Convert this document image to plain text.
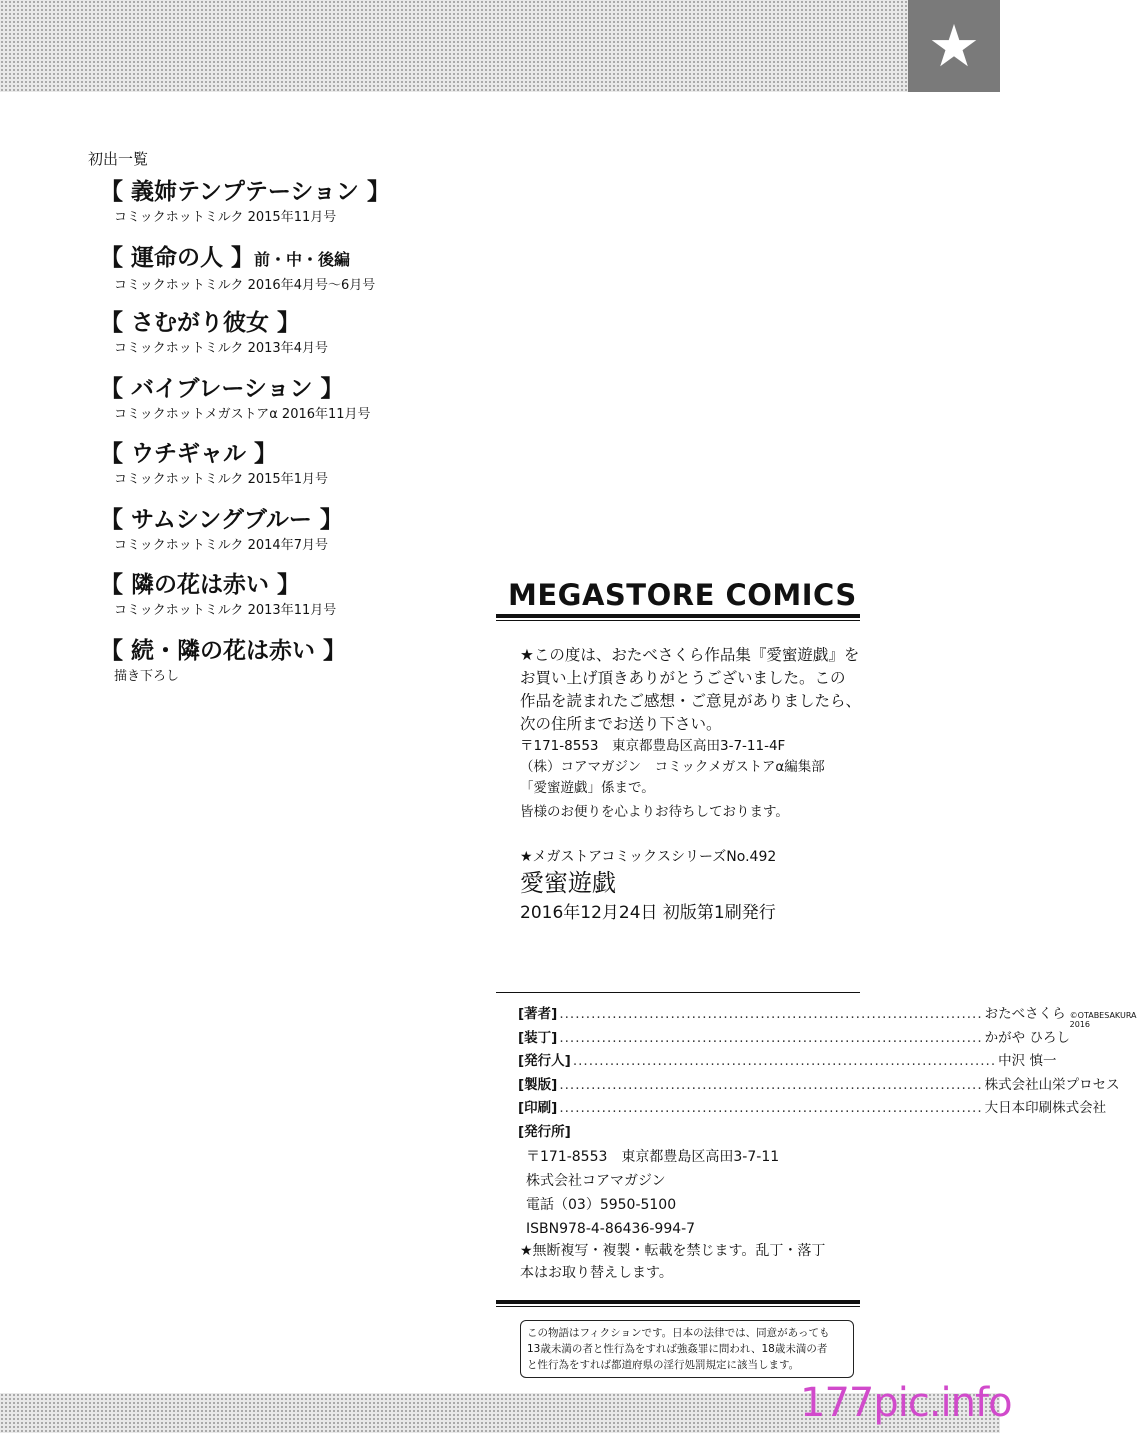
★
初出一覧
【 義姉テンプテーション 】
コミックホットミルク 2015年11月号
【 運命の人 】前・中・後編
コミックホットミルク 2016年4月号～6月号
【 さむがり彼女 】
コミックホットミルク 2013年4月号
【 バイブレーション 】
コミックホットメガストアα 2016年11月号
【 ウチギャル 】
コミックホットミルク 2015年1月号
【 サムシングブルー 】
コミックホットミルク 2014年7月号
【 隣の花は赤い 】
コミックホットミルク 2013年11月号
【 続・隣の花は赤い 】
描き下ろし
MEGASTORE COMICS

★この度は、おたべさくら作品集『愛蜜遊戯』を

お買い上げ頂きありがとうございました。この

作品を読まれたご感想・ご意見がありましたら、

次の住所までお送り下さい。

〒171-8553　東京都豊島区高田3-7-11-4F

（株）コアマガジン　コミックメガストアα編集部

「愛蜜遊戯」係まで。

皆様のお便りを心よりお待ちしております。

★メガストアコミックスシリーズNo.492
愛蜜遊戯
2016年12月24日 初版第1刷発行
[著者] ................................................................................ おたべさくら ©OTABESAKURA 2016
[装丁] ................................................................................ かがや ひろし
[発行人] ................................................................................ 中沢 慎一
[製版] ................................................................................ 株式会社山栄プロセス
[印刷] ................................................................................ 大日本印刷株式会社
[発行所]
〒171-8553　東京都豊島区高田3-7-11
株式会社コアマガジン
電話（03）5950-5100
ISBN978-4-86436-994-7
★無断複写・複製・転載を禁じます。乱丁・落丁
本はお取り替えします。
この物語はフィクションです。日本の法律では、同意があっても
13歳未満の者と性行為をすれば強姦罪に問われ、18歳未満の者
と性行為をすれば都道府県の淫行処罰規定に該当します。
177pic.info
